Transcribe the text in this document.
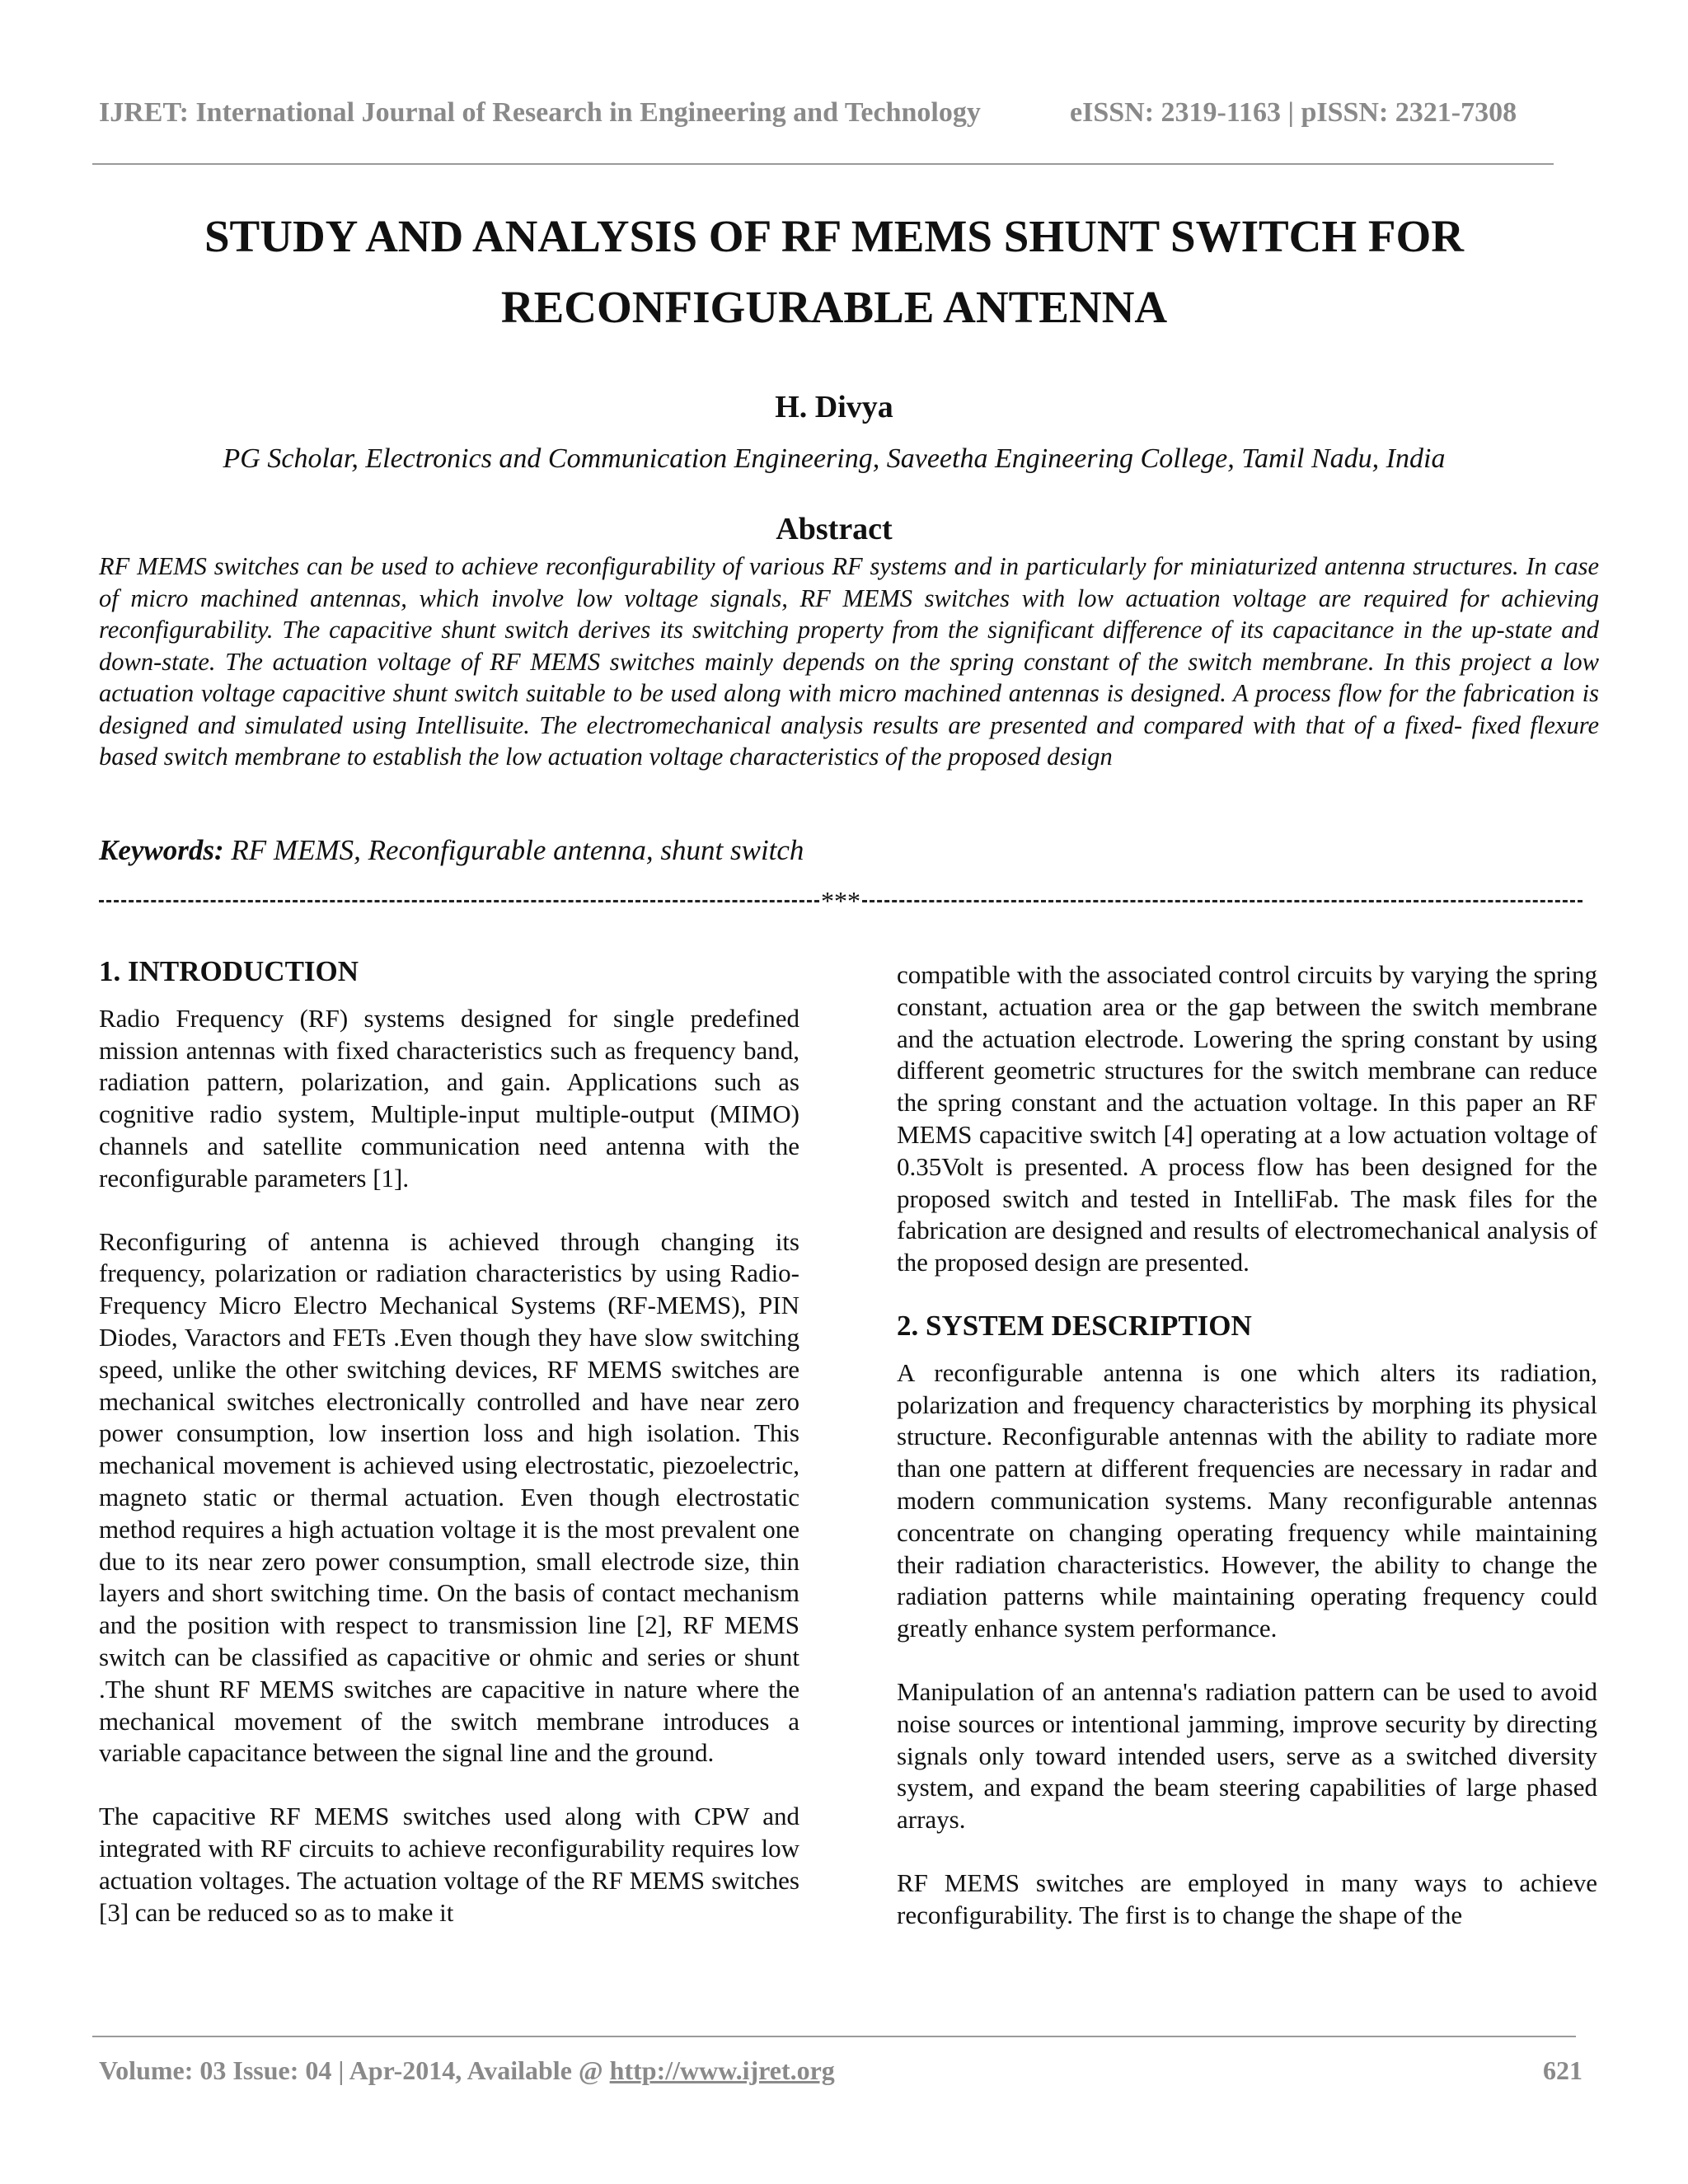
IJRET: International Journal of Research in Engineering and Technology	eISSN: 2319-1163 | pISSN: 2321-7308
STUDY AND ANALYSIS OF RF MEMS SHUNT SWITCH FOR
RECONFIGURABLE ANTENNA
H. Divya
PG Scholar, Electronics and Communication Engineering, Saveetha Engineering College, Tamil Nadu, India
Abstract
RF MEMS switches can be used to achieve reconfigurability of various RF systems and in particularly for miniaturized antenna structures. In case of micro machined antennas, which involve low voltage signals, RF MEMS switches with low actuation voltage are required for achieving reconfigurability. The capacitive shunt switch derives its switching property from the significant difference of its capacitance in the up-state and down-state. The actuation voltage of RF MEMS switches mainly depends on the spring constant of the switch membrane. In this project a low actuation voltage capacitive shunt switch suitable to be used along with micro machined antennas is designed. A process flow for the fabrication is designed and simulated using Intellisuite. The electromechanical analysis results are presented and compared with that of a fixed- fixed flexure based switch membrane to establish the low actuation voltage characteristics of the proposed design
Keywords: RF MEMS, Reconfigurable antenna, shunt switch
***
1. INTRODUCTION

Radio Frequency (RF) systems designed for single predefined mission antennas with fixed characteristics such as frequency band, radiation pattern, polarization, and gain. Applications such as cognitive radio system, Multiple-input multiple-output (MIMO) channels and satellite communication need antenna with the reconfigurable parameters [1].

Reconfiguring of antenna is achieved through changing its frequency, polarization or radiation characteristics by using Radio-Frequency Micro Electro Mechanical Systems (RF-MEMS), PIN Diodes, Varactors and FETs .Even though they have slow switching speed, unlike the other switching devices, RF MEMS switches are mechanical switches electronically controlled and have near zero power consumption, low insertion loss and high isolation. This mechanical movement is achieved using electrostatic, piezoelectric, magneto static or thermal actuation. Even though electrostatic method requires a high actuation voltage it is the most prevalent one due to its near zero power consumption, small electrode size, thin layers and short switching time. On the basis of contact mechanism and the position with respect to transmission line [2], RF MEMS switch can be classified as capacitive or ohmic and series or shunt .The shunt RF MEMS switches are capacitive in nature where the mechanical movement of the switch membrane introduces a variable capacitance between the signal line and the ground.

The capacitive RF MEMS switches used along with CPW and integrated with RF circuits to achieve reconfigurability requires low actuation voltages. The actuation voltage of the RF MEMS switches [3] can be reduced so as to make it

compatible with the associated control circuits by varying the spring constant, actuation area or the gap between the switch membrane and the actuation electrode. Lowering the spring constant by using different geometric structures for the switch membrane can reduce the spring constant and the actuation voltage. In this paper an RF MEMS capacitive switch [4] operating at a low actuation voltage of 0.35Volt is presented. A process flow has been designed for the proposed switch and tested in IntelliFab. The mask files for the fabrication are designed and results of electromechanical analysis of the proposed design are presented.

2. SYSTEM DESCRIPTION

A reconfigurable antenna is one which alters its radiation, polarization and frequency characteristics by morphing its physical structure. Reconfigurable antennas with the ability to radiate more than one pattern at different frequencies are necessary in radar and modern communication systems. Many reconfigurable antennas concentrate on changing operating frequency while maintaining their radiation characteristics. However, the ability to change the radiation patterns while maintaining operating frequency could greatly enhance system performance.

Manipulation of an antenna's radiation pattern can be used to avoid noise sources or intentional jamming, improve security by directing signals only toward intended users, serve as a switched diversity system, and expand the beam steering capabilities of large phased arrays.

RF MEMS switches are employed in many ways to achieve reconfigurability. The first is to change the shape of the

Volume: 03 Issue: 04 | Apr-2014, Available @ http://www.ijret.org	621
